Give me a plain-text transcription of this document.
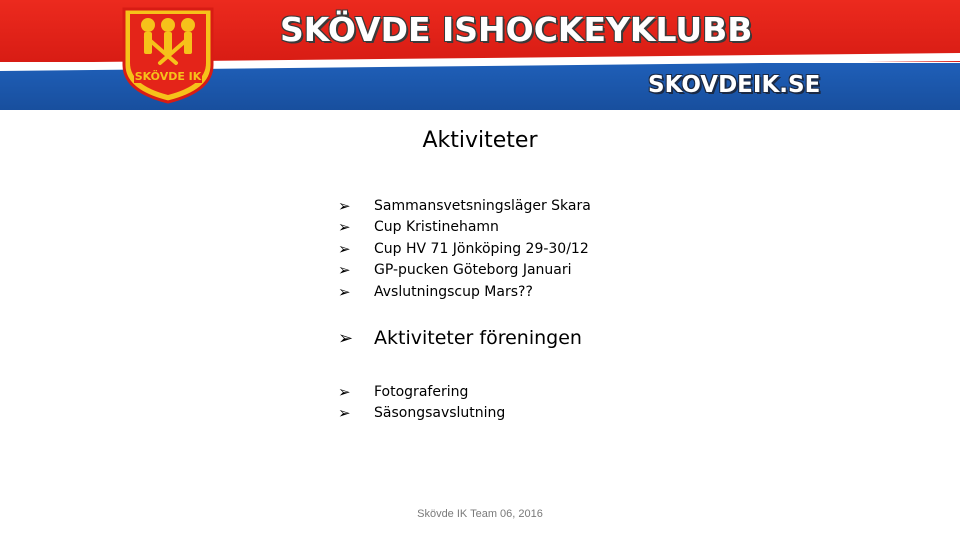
SKÖVDE ISHOCKEYKLUBB
SKOVDEIK.SE
SKÖVDE IK
Aktiviteter
➢	Sammansvetsningsläger Skara
➢	Cup Kristinehamn
➢	Cup HV 71 Jönköping 29-30/12
➢	GP-pucken Göteborg Januari
➢	Avslutningscup Mars??
➢	Aktiviteter föreningen
➢	Fotografering
➢	Säsongsavslutning
Skövde IK Team 06, 2016
